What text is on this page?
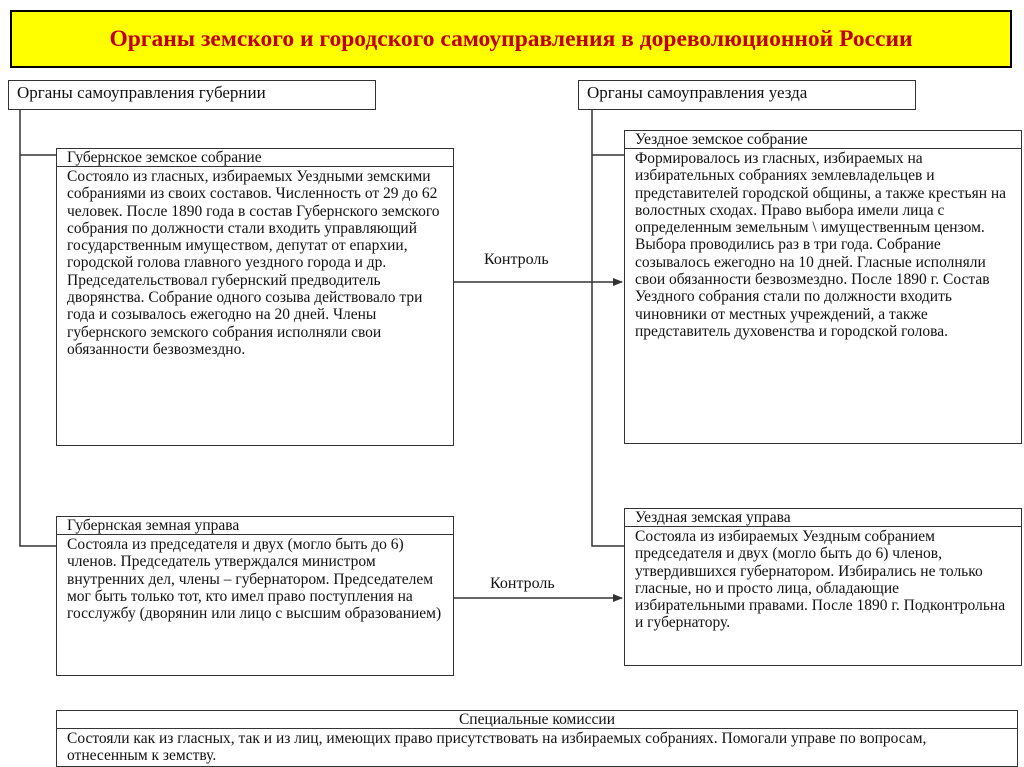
Органы земского и городского самоуправления в дореволюционной России
Органы самоуправления губернии	Органы самоуправления уезда
Губернское земское собрание
Состояло из гласных, избираемых Уездными земскими собраниями из своих составов. Численность от 29 до 62 человек. После 1890 года в состав Губернского земского собрания по должности стали входить управляющий государственным имуществом, депутат от епархии, городской голова главного уездного города и др. Председательствовал губернский предводитель дворянства. Собрание одного созыва действовало три года и созывалось ежегодно на 20 дней. Члены губернского земского собрания исполняли свои обязанности безвозмездно.
Уездное земское собрание
Формировалось из гласных, избираемых на избирательных собраниях землевладельцев и представителей городской общины, а также крестьян на волостных сходах. Право выбора имели лица с определенным земельным \ имущественным цензом. Выбора проводились раз в три года. Собрание созывалось ежегодно на 10 дней. Гласные исполняли свои обязанности безвозмездно. После 1890 г. Состав Уездного собрания стали по должности входить чиновники от местных учреждений, а также представитель духовенства и городской голова.
Губернская земная управа
Состояла из председателя и двух (могло быть до 6) членов. Председатель утверждался министром внутренних дел, члены – губернатором. Председателем мог быть только тот, кто имел право поступления на госслужбу (дворянин или лицо с высшим образованием)
Уездная земская управа
Состояла из избираемых Уездным собранием председателя и двух (могло быть до 6) членов, утвердившихся губернатором. Избирались не только гласные, но и просто лица, обладающие избирательными правами. После 1890 г. Подконтрольна и губернатору.
Контроль
Контроль
Специальные комиссии
Состояли как из гласных, так и из лиц, имеющих право присутствовать на избираемых собраниях. Помогали управе по вопросам, отнесенным к земству.
